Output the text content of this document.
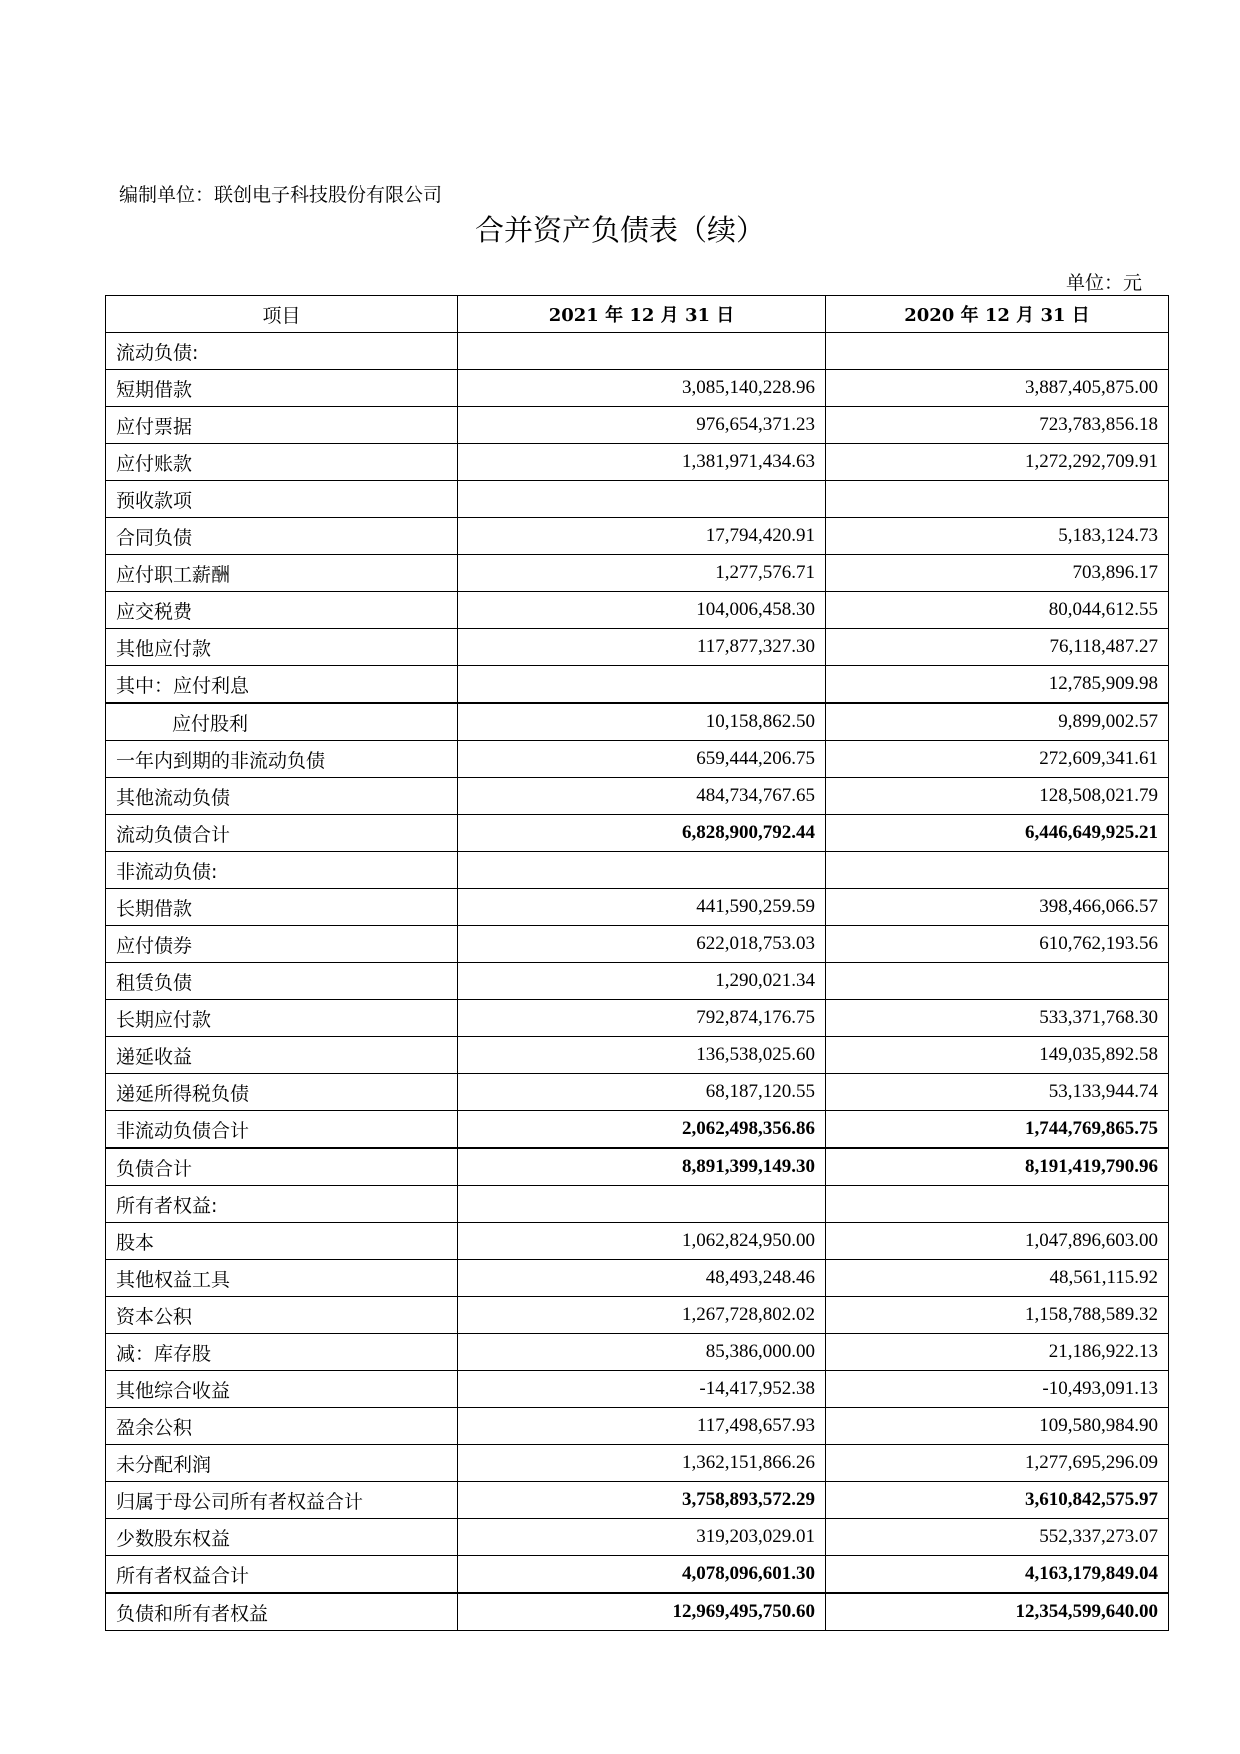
编制单位：联创电子科技股份有限公司
合并资产负债表（续）
单位：元
项目	2021 年 12 月 31 日	2020 年 12 月 31 日
流动负债:		
短期借款	3,085,140,228.96	3,887,405,875.00
应付票据	976,654,371.23	723,783,856.18
应付账款	1,381,971,434.63	1,272,292,709.91
预收款项		
合同负债	17,794,420.91	5,183,124.73
应付职工薪酬	1,277,576.71	703,896.17
应交税费	104,006,458.30	80,044,612.55
其他应付款	117,877,327.30	76,118,487.27
其中：应付利息		12,785,909.98
应付股利	10,158,862.50	9,899,002.57
一年内到期的非流动负债	659,444,206.75	272,609,341.61
其他流动负债	484,734,767.65	128,508,021.79
流动负债合计	6,828,900,792.44	6,446,649,925.21
非流动负债:		
长期借款	441,590,259.59	398,466,066.57
应付债券	622,018,753.03	610,762,193.56
租赁负债	1,290,021.34	
长期应付款	792,874,176.75	533,371,768.30
递延收益	136,538,025.60	149,035,892.58
递延所得税负债	68,187,120.55	53,133,944.74
非流动负债合计	2,062,498,356.86	1,744,769,865.75
负债合计	8,891,399,149.30	8,191,419,790.96
所有者权益:		
股本	1,062,824,950.00	1,047,896,603.00
其他权益工具	48,493,248.46	48,561,115.92
资本公积	1,267,728,802.02	1,158,788,589.32
减：库存股	85,386,000.00	21,186,922.13
其他综合收益	-14,417,952.38	-10,493,091.13
盈余公积	117,498,657.93	109,580,984.90
未分配利润	1,362,151,866.26	1,277,695,296.09
归属于母公司所有者权益合计	3,758,893,572.29	3,610,842,575.97
少数股东权益	319,203,029.01	552,337,273.07
所有者权益合计	4,078,096,601.30	4,163,179,849.04
负债和所有者权益	12,969,495,750.60	12,354,599,640.00
